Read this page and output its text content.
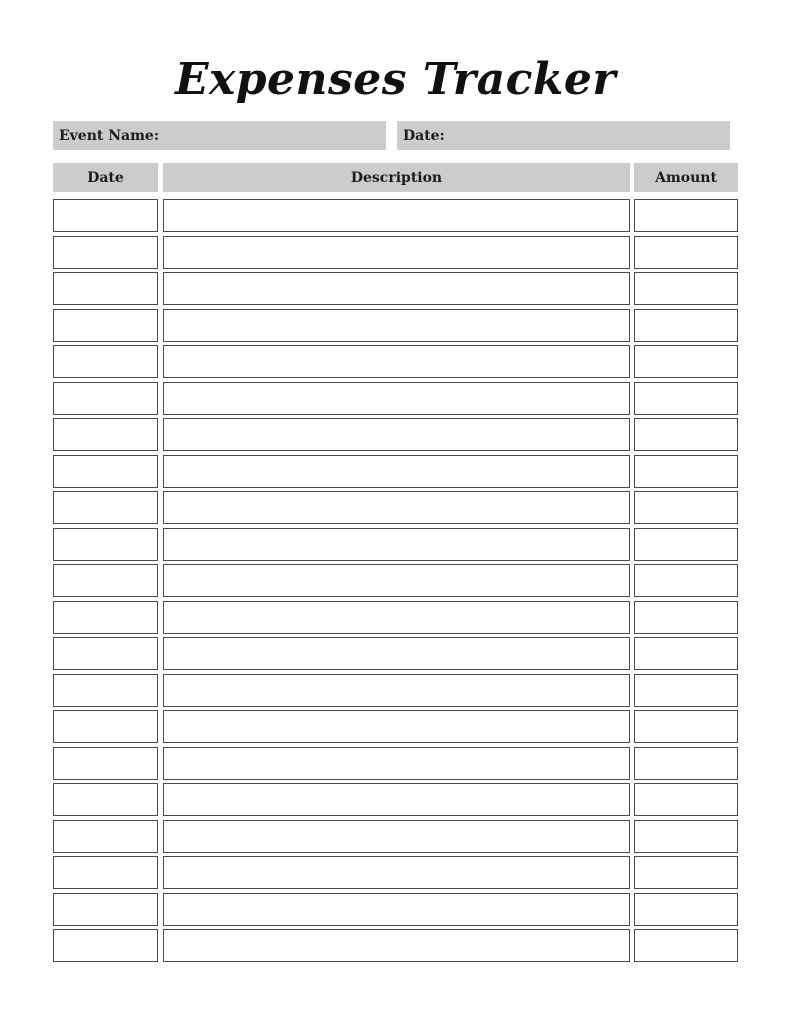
Expenses Tracker
Event Name:	Date:
Date	Description	Amount
